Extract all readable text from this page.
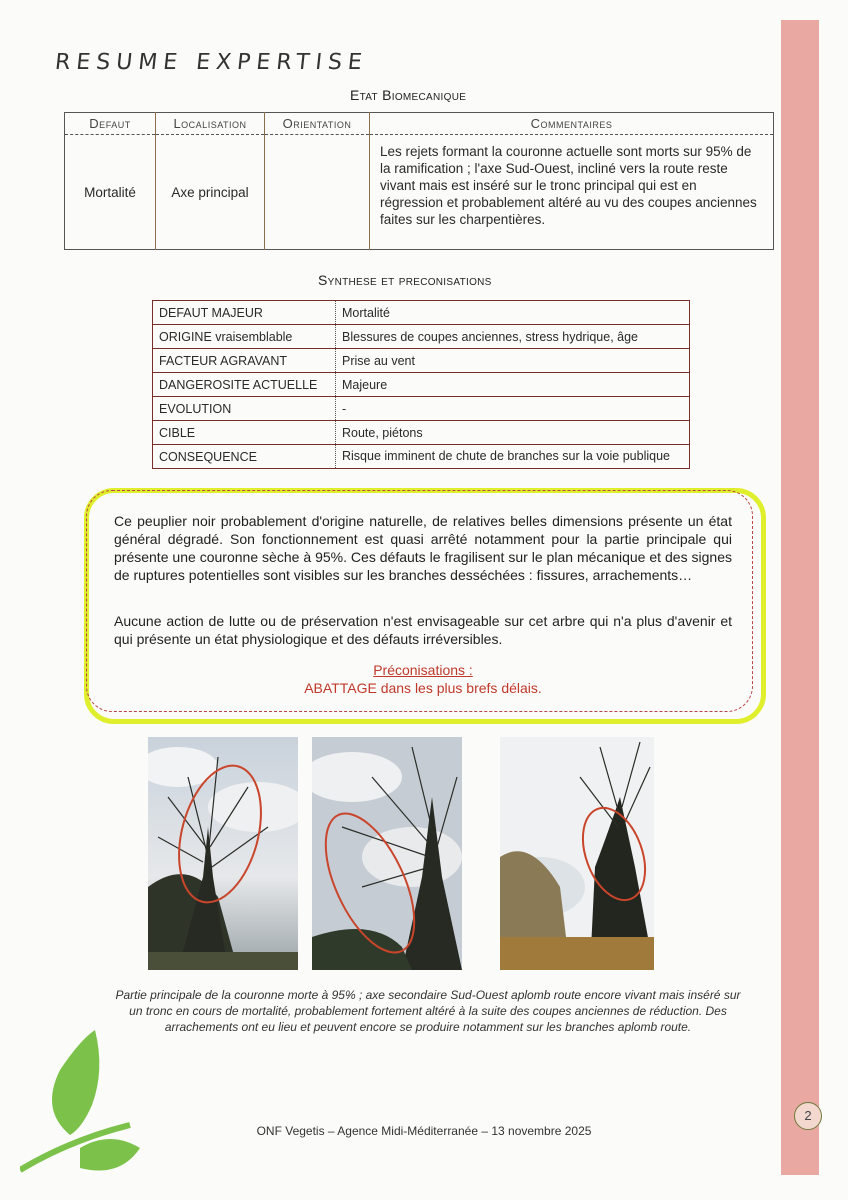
2
RESUME EXPERTISE
Etat Biomecanique
Defaut	Localisation	Orientation	Commentaires
Mortalité	Axe principal		Les rejets formant la couronne actuelle sont morts sur 95% de la ramification ; l'axe Sud-Ouest, incliné vers la route reste vivant mais est inséré sur le tronc principal qui est en régression et probablement altéré au vu des coupes anciennes faites sur les charpentières.
Synthese et preconisations
DEFAUT MAJEUR	Mortalité
ORIGINE vraisemblable	Blessures de coupes anciennes, stress hydrique, âge
FACTEUR AGRAVANT	Prise au vent
DANGEROSITE ACTUELLE	Majeure
EVOLUTION	-
CIBLE	Route, piétons
CONSEQUENCE	Risque imminent de chute de branches sur la voie publique
Ce peuplier noir probablement d'origine naturelle, de relatives belles dimensions présente un état général dégradé. Son fonctionnement est quasi arrêté notamment pour la partie principale qui présente une couronne sèche à 95%. Ces défauts le fragilisent sur le plan mécanique et des signes de ruptures potentielles sont visibles sur les branches desséchées : fissures, arrachements…
Aucune action de lutte ou de préservation n'est envisageable sur cet arbre qui n'a plus d'avenir et qui présente un état physiologique et des défauts irréversibles.
Préconisations :
ABATTAGE dans les plus brefs délais.
Partie principale de la couronne morte à 95% ; axe secondaire Sud-Ouest aplomb route encore vivant mais inséré sur un tronc en cours de mortalité, probablement fortement altéré à la suite des coupes anciennes de réduction. Des arrachements ont eu lieu et peuvent encore se produire notamment sur les branches aplomb route.
ONF Vegetis – Agence Midi-Méditerranée – 13 novembre 2025
